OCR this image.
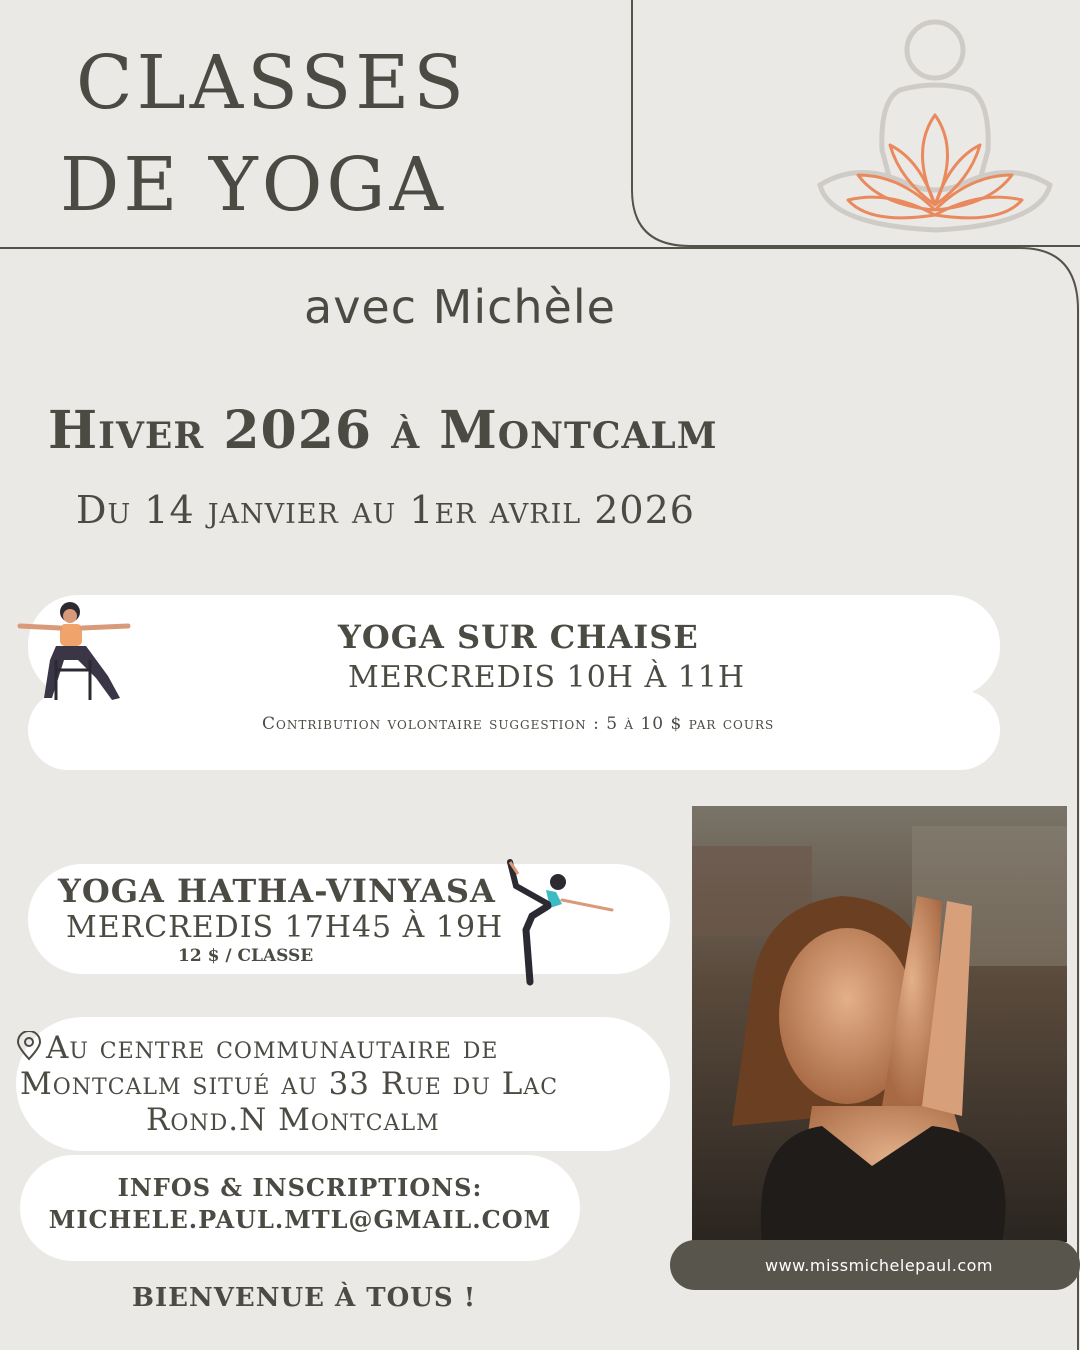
CLASSES
DE YOGA
avec Michèle
Hiver 2026 à Montcalm
Du 14 janvier au 1er avril 2026
YOGA SUR CHAISE
MERCREDIS 10H À 11H
Contribution volontaire suggestion : 5 à 10 $ par cours
YOGA HATHA-VINYASA
MERCREDIS 17H45 À 19H
12 $ / CLASSE
Au centre communautaire de
Montcalm situé au 33 Rue du Lac
Rond.N Montcalm
INFOS & INSCRIPTIONS:
MICHELE.PAUL.MTL@GMAIL.COM
BIENVENUE À TOUS !
www.missmichelepaul.com
